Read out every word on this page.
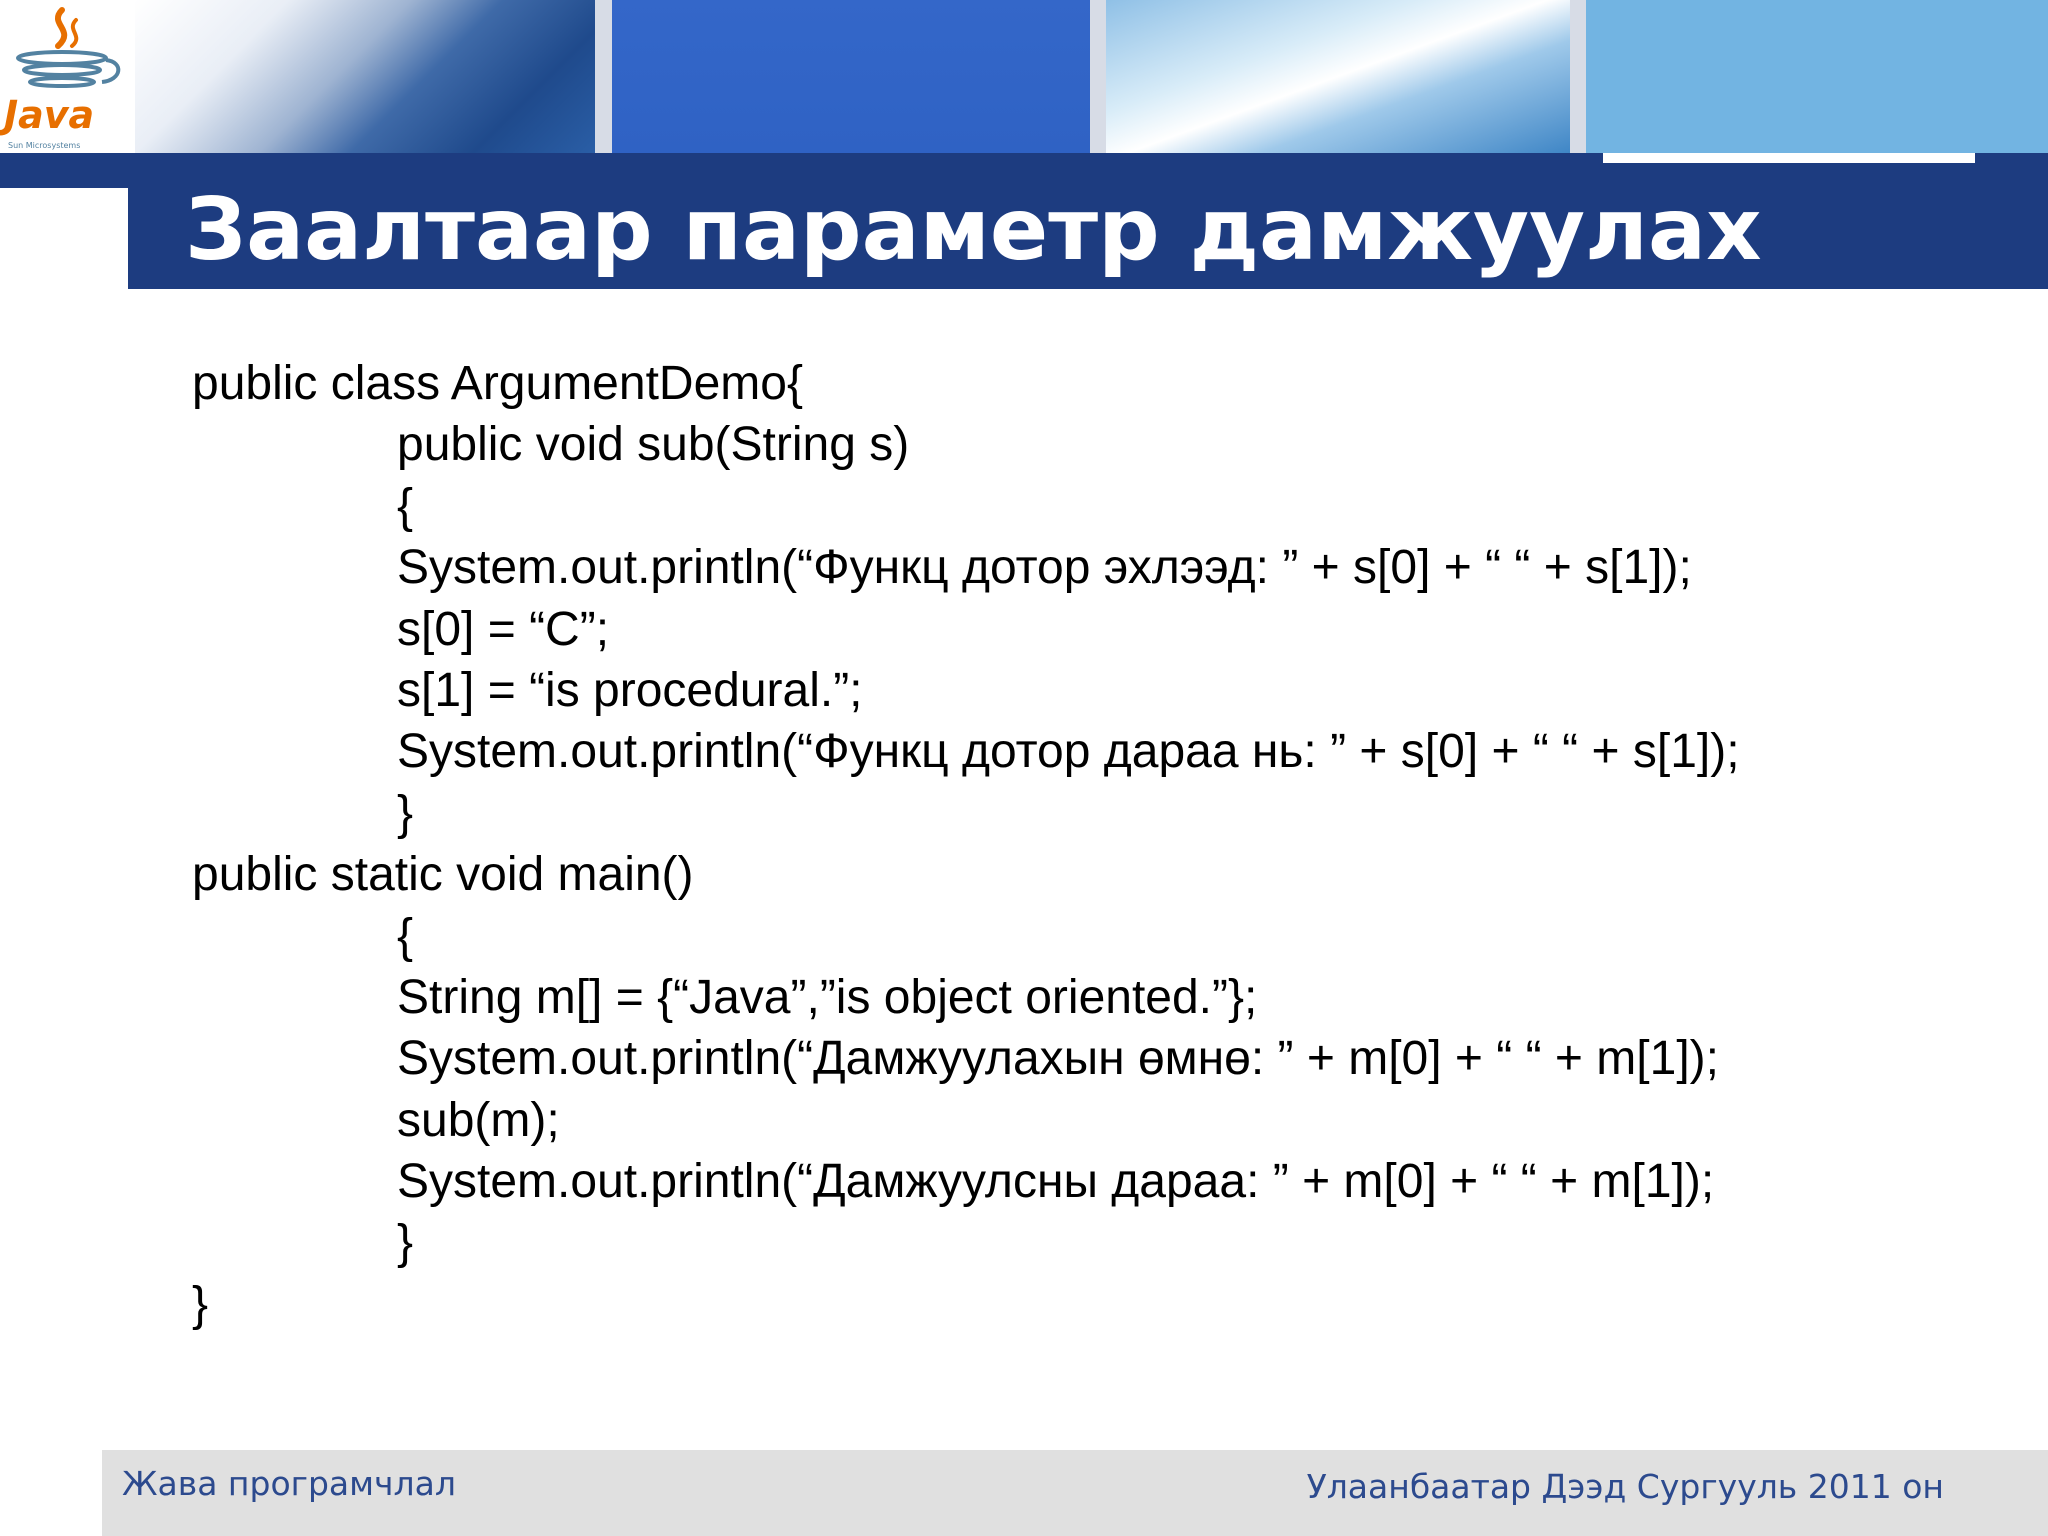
Java
Sun Microsystems
Заалтаар параметр дамжуулах
public class ArgumentDemo{
public void sub(String s)
{
System.out.println(“Функц дотор эхлээд: ” + s[0] + “ “ + s[1]);
s[0] = “C”;
s[1] = “is procedural.”;
System.out.println(“Функц дотор дараа нь: ” + s[0] + “ “ + s[1]);
}
public static void main()
{
String m[] = {“Java”,”is object oriented.”};
System.out.println(“Дамжуулахын өмнө: ” + m[0] + “ “ + m[1]);
sub(m);
System.out.println(“Дамжуулсны дараа: ” + m[0] + “ “ + m[1]);
}
}
Жава програмчлал	Улаанбаатар Дээд Сургууль 2011 он
